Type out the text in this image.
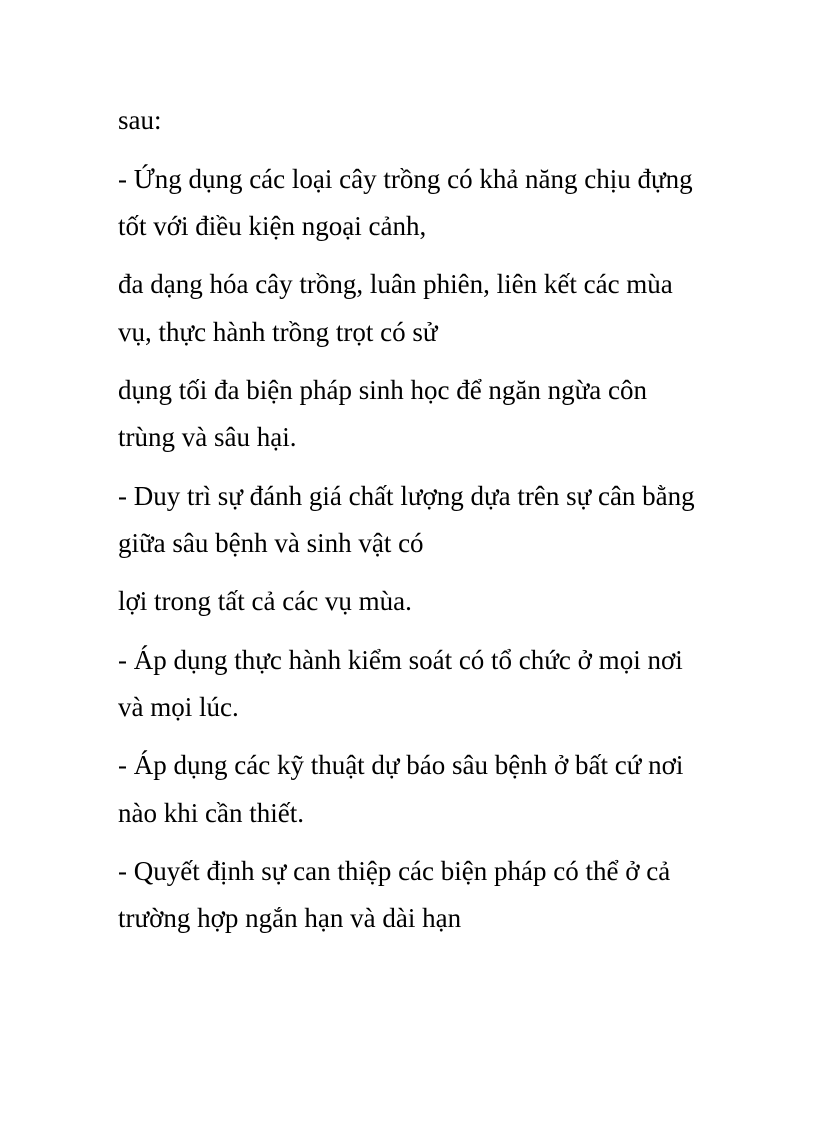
sau:

- Ứng dụng các loại cây trồng có khả năng chịu đựng

tốt với điều kiện ngoại cảnh,

đa dạng hóa cây trồng, luân phiên, liên kết các mùa

vụ, thực hành trồng trọt có sử

dụng tối đa biện pháp sinh học để ngăn ngừa côn

trùng và sâu hại.

- Duy trì sự đánh giá chất lượng dựa trên sự cân bằng

giữa sâu bệnh và sinh vật có

lợi trong tất cả các vụ mùa.

- Áp dụng thực hành kiểm soát có tổ chức ở mọi nơi

và mọi lúc.

- Áp dụng các kỹ thuật dự báo sâu bệnh ở bất cứ nơi

nào khi cần thiết.

- Quyết định sự can thiệp các biện pháp có thể ở cả

trường hợp ngắn hạn và dài hạn
